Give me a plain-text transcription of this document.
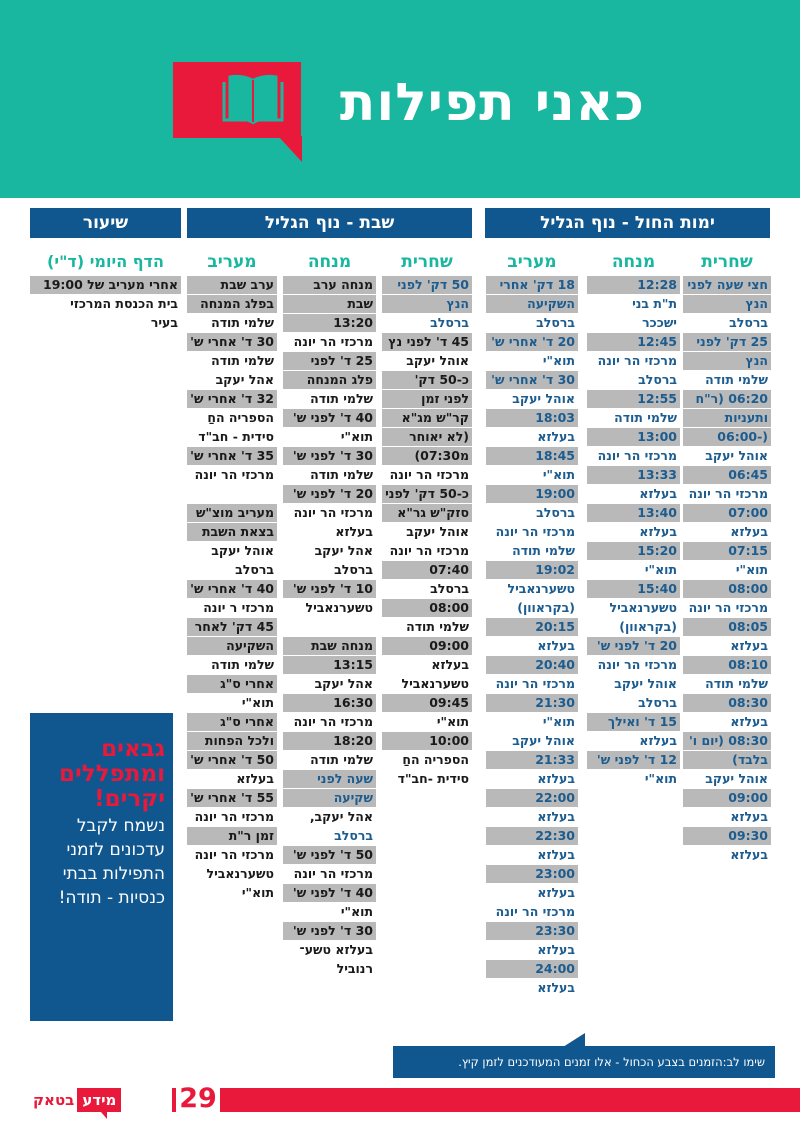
כאני תפילות
ימות החול - נוף הגליל
שבת - נוף הגליל
שיעור
שחרית
חצי שעה לפני
הנץ
ברסלב
25 דק' לפני
הנץ
שלמי תודה
06:20 (ר"ח
ותעניות
(-06:00
אוהל יעקב
06:45
מרכזי הר יונה
07:00
בעלזא
07:15
תוא"י
08:00
מרכזי הר יונה
08:05
בעלזא
08:10
שלמי תודה
08:30
בעלזא
08:30 (יום ו'
בלבד)
אוהל יעקב
09:00
בעלזא
09:30
בעלזא
מנחה
12:28
ת"ת בני
ישככר
12:45
מרכזי הר יונה
ברסלב
12:55
שלמי תודה
13:00
מרכזי הר יונה
13:33
בעלזא
13:40
בעלזא
15:20
תוא"י
15:40
טשערנאביל
(בקראוון)
20 ד' לפני ש'
מרכזי הר יונה
אוהל יעקב
ברסלב
15 ד' ואילך
בעלזא
12 ד' לפני ש'
תוא"י
מעריב
18 דק' אחרי
השקיעה
ברסלב
20 ד' אחרי ש'
תוא"י
30 ד' אחרי ש'
אוהל יעקב
18:03
בעלזא
18:45
תוא"י
19:00
ברסלב
מרכזי הר יונה
שלמי תודה
19:02
טשערנאביל
(בקראוון)
20:15
בעלזא
20:40
מרכזי הר יונה
21:30
תוא"י
אוהל יעקב
21:33
בעלזא
22:00
בעלזא
22:30
בעלזא
23:00
בעלזא
מרכזי הר יונה
23:30
בעלזא
24:00
בעלזא
שחרית
50 דק' לפני
הנץ
ברסלב
45 ד' לפני נץ
אוהל יעקב
כ-50 דק'
לפני זמן
קר"ש מג"א
(לא יאוחר
מ07:30)
מרכזי הר יונה
כ-50 דק' לפני
סזק"ש גר"א
אוהל יעקב
מרכזי הר יונה
07:40
ברסלב
08:00
שלמי תודה
09:00
בעלזא
טשערנאביל
09:45
תוא"י
10:00
הספריה החַ
סידית -חב"ד
מנחה
מנחה ערב
שבת
13:20
מרכזי הר יונה
25 ד' לפני
פלג המנחה
שלמי תודה
40 ד' לפני ש'
תוא"י
30 ד' לפני ש'
שלמי תודה
20 ד' לפני ש'
מרכזי הר יונה
בעלזא
אהל יעקב
ברסלב
10 ד' לפני ש'
טשערנאביל
מנחה שבת
13:15
אהל יעקב
16:30
מרכזי הר יונה
18:20
שלמי תודה
שעה לפני
שקיעה
אהל יעקב,
ברסלב
50 ד' לפני ש'
מרכזי הר יונה
40 ד' לפני ש'
תוא"י
30 ד' לפני ש'
בעלזא טשע־
רנוביל
מעריב
ערב שבת
בפלג המנחה
שלמי תודה
30 ד' אחרי ש'
שלמי תודה
אהל יעקב
32 ד' אחרי ש'
הספריה החַ
סידית - חב"ד
35 ד' אחרי ש'
מרכזי הר יונה
מעריב מוצ"ש
בצאת השבת
אוהל יעקב
ברסלב
40 ד' אחרי ש'
מרכזי ר יונה
45 דק' לאחר
השקיעה
שלמי תודה
אחרי ס"ג
תוא"י
אחרי ס"ג
ולכל הפחות
50 ד' אחרי ש'
בעלזא
55 ד' אחרי ש'
מרכזי הר יונה
זמן ר"ת
מרכזי הר יונה
טשערנאביל
תוא"י
הדף היומי (ד"י)
אחרי מעריב של 19:00
בית הכנסת המרכזי
בעיר
גבאים ומתפללים יקרים!
נשמח לקבל עדכונים לזמני התפילות בבתי כנסיות - תודה!
שימו לב:הזמנים בצבע הכחול - אלו זמנים המעודכנים לזמן קיץ.
29
מידע
בטאק
